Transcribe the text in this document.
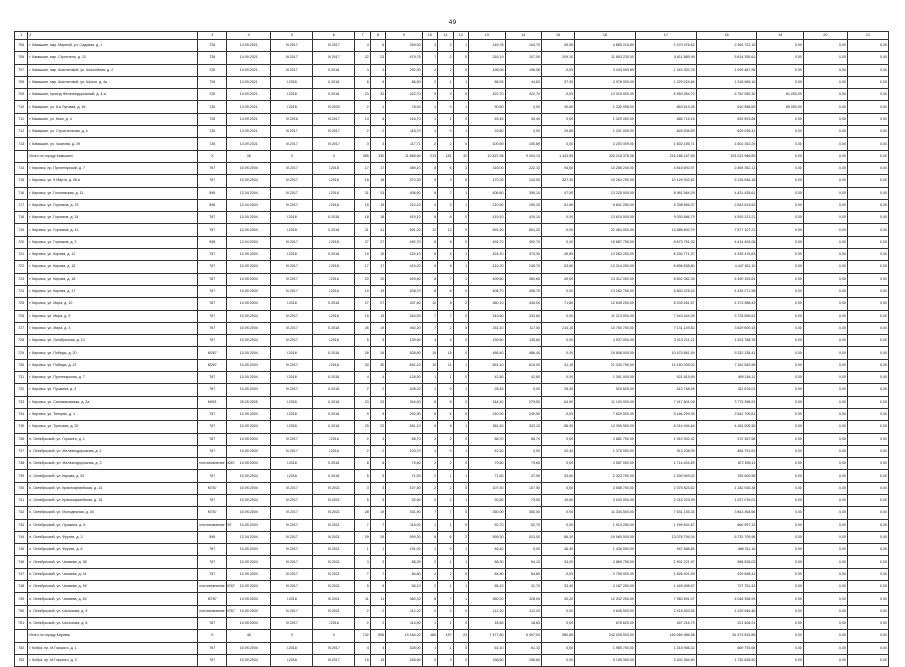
49
1	2	3	4	5	6	7	8	9	10	11	12	13	14	15	16	17	18	19	20	21
705	г. Камышин, мкр. Мирный, ул. Садовая, д. 1	726	14.09.2021	III.2017	IV.2017	4	6	349,50	3	2	1	149,78	104,70	45,08	4 865 218,80	2 470 476,62	2 394 722,15	0,00	0,00	0,00
706	г. Камышин, мкр. Строитель, д. 12	726	14.09.2021	III.2017	IV.2017	22	23	479,76	7	2	5	316,19	107,09	209,10	11 893 230,00	5 611 885,99	5 814 355,61	0,00	0,00	0,00
707	г. Камышин, мкр. Шаститовой, ул. Шоссейная, д. 2	726	14.09.2021	III.2017	II.2018	3	2	292,30	2	2	0	196,08	196,08	0,00	3 443 009,89	1 343 302,78	1 099 487,96	0,00	0,00	0,00
708	г. Камышин, мкр. Шаститовой, ул. Шоссе, д. 4а	726	14.09.2021	I.2018	II.2018	6	6	86,50	2	1	1	86,93	44,63	37,30	2 078 000,00	1 229 024,84	1 318 965,16	0,00	0,00	0,00
709	г. Камышин, проезд Железнодорожный, д. 4-а	726	14.09.2021	I.2018	II.2018	23	32	422,70	9	9	0	422,70	422,70	0,00	13 019 000,00	6 953 554,70	6 762 955,30	81 250,00	0,00	0,00
710	г. Камышин, ул. 8-я Луговая, д. 16	726	14.09.2021	I.2018	IV.2020	2	1	78,40	1	0	1	30,60	0,00	30,60	1 332 908,00	663 613,35	610 988,65	65 000,00	0,00	0,00
711	г. Камышин, ул. Кеки, д. 4	726	14.09.2021	IV.2016	III.2017	13	8	216,70	1	1	0	45,45	45,45	0,00	1 329 000,00	686 715,16	639 593,84	0,00	0,00	0,00
712	г. Камышин, ул. Строительная, д. 4	726	14.09.2021	III.2017	IV.2017	2	2	118,70	1	0	1	29,80	0,00	29,80	1 201 009,00	649 536,59	629 039,41	0,00	0,00	0,00
713	г. Камышин, ул. Чкалова, д. 29	726	14.09.2021	III.2017	IV.2017	3	3	117,71	2	2	0	100,69	100,69	0,00	3 203 309,00	1 602 156,71	1 601 152,29	0,00	0,00	0,00
	Итого по городу Камышин	Х	38	Х	Х	365	330	11 858,60	213	181	32	10 837,58	9 394,13	1 443,55	320 218 378,06	216 188 167,59	103 023 986,65	0,00	0,00	0,00
714	г. Кировск, пр. Пролетарский, д. 7	787	10.09.2004	IV.2017	I.2018	17	17	389,10	8	5	3	316,00	222,10	94,00	10 286 240,00	4 816 692,97	2 469 362,13	0,00	0,00	0,00
715	г. Кировск, ул. 8 Марта, д. 48 а	787	10.09.2004	IV.2017	I.2018	18	18	470,30	9	3	6	470,30	143,00	327,30	15 264 750,00	10 129 303,82	5 135 546,18	0,00	0,00	0,00
716	г. Кировск, ул. Гоголевская, д. 11	598	12.04.2004	IV.2017	I.2018	31	24	406,60	8	7	1	406,60	359,10	47,50	13 225 000,00	8 961 564,39	4 431 435,61	0,00	0,00	0,00
717	г. Кировск, ул. Горняков, д. 23	598	12.04.2004	IV.2017	I.2018	15	15	210,10	4	3	1	210,90	159,20	51,60	6 841 250,00	4 338 665,37	2 843 514,63	0,00	0,00	0,00
718	г. Кировск, ул. Горняков, д. 34	787	10.09.2004	I.2018	II.2018	18	18	419,10	8	8	0	419,10	419,10	0,00	13 624 000,00	9 030 686,79	4 593 313,21	0,00	0,00	0,00
719	г. Кировск, ул. Горняков, д. 41	787	10.09.2004	I.2018	II.2018	31	31	691,20	12	12	0	691,20	691,20	0,00	22 464 000,00	14 886 892,79	7 577 107,21	0,00	0,00	0,00
720	г. Кировск, ул. Горняков, д. 3	598	12.04.2004	IV.2017	I.2018	27	27	492,70	8	8	0	492,70	492,70	0,00	15 887 750,00	8 673 751,92	4 414 404,08	0,00	0,00	0,00
721	г. Кировск, ул. Кирова, д. 12	787	10.09.2004	I.2018	II.2018	19	19	424,10	6	5	1	424,10	374,30	49,80	13 063 250,00	8 334 771,37	4 335 476,63	0,00	0,00	0,00
722	г. Кировск, ул. Кирова, д. 15	787	10.09.2004	IV.2017	I.2018	17	17	415,20	9	8	1	410,20	246,70	53,60	13 314 250,00	8 806 838,80	4 447 811,10	0,00	0,00	0,00
723	г. Кировск, ул. Кирова, д. 18	787	10.09.2004	IV.2017	I.2018	20	20	409,60	6	7	1	409,60	360,60	49,00	13 312 000,00	8 832 082,39	4 490 153,61	0,00	0,00	0,00
724	г. Кировск, ул. Кирова, д. 17	787	10.09.2004	IV.2017	I.2018	19	19	408,70	8	8	0	408,70	408,70	0,00	13 282 750,00	6 803 478,42	4 435 271,58	0,00	0,00	0,00
725	г. Кировск, ул. Мира, д. 10	787	10.09.2004	I.2018	II.2018	27	27	437,60	10	8	2	380,10	345,00	71,80	12 645 250,00	8 239 261,57	4 373 988,43	0,00	0,00	0,00
726	г. Кировск, ул. Мира, д. 5	787	10.09.2004	IV.2017	I.2018	15	15	344,50	7	7	0	343,60	343,60	0,00	11 213 000,00	7 443 444,39	3 728 555,61	0,00	0,00	0,00
727	г. Кировск, ул. Мира, д. 3	787	10.09.2004	IV.2017	II.2018	26	19	492,20	7	2	5	331,10	117,00	214,10	10 760 750,00	7 131 149,82	3 629 600,18	0,00	0,00	0,00
728	г. Кировск, ул. Октябрьская, д. 10	787	10.09.2004	IV.2017	I.2018	5	5	139,60	4	4	0	139,60	139,60	0,00	4 537 000,00	3 013 211,22	1 523 788,78	0,00	0,00	0,00
729	г. Кировск, ул. Победы, д. 20	М287	10.09.2004	I.2018	II.2018	26	26	528,80	15	15	0	486,40	486,40	0,00	15 808 000,00	10 475 861,59	5 332 138,41	0,00	0,00	0,00
730	г. Кировск, ул. Победы, д. 22	М287	10.09.2004	IV.2017	I.2018	30	30	651,10	10	11	1	651,10	610,00	41,10	21 330 750,00	14 150 209,02	7 181 540,98	0,00	0,00	0,00
731	г. Кировск, ул. Пролетарская, д. 7	787	10.09.2004	I.2018	II.2018	4	4	128,50	1	1	0	42,80	42,80	0,00	1 391 000,00	921 815,89	469 184,11	0,00	0,00	0,00
732	г. Кировск, ул. Пушкина, д. 3	787	10.09.2004	IV.2017	II.2018	2	2	428,20	1	0	1	28,45	0,00	28,45	924 625,00	612 748,99	311 876,01	0,00	0,00	0,00
733	г. Кировск, ул. Сальмаковская, д. 2а	М901	25.05.2005	I.2018	II.2018	23	23	344,40	8	6	2	344,40	279,50	64,90	11 193 000,00	7 417 601,09	3 775 398,91	0,00	0,00	0,00
734	г. Кировск, ул. Теперво, д. 1	787	10.09.2004	I.2018	II.2018	9	9	240,90	6	6	0	240,90	240,90	0,00	7 829 000,00	5 186 299,39	2 642 700,61	0,00	0,00	0,00
735	г. Кировск, ул. Тульская, д. 20	787	10.09.2004	I.2018	II.2018	25	22	651,10	9	8	1	381,40	323,10	58,30	12 395 500,00	8 214 494,64	4 181 005,36	0,00	0,00	0,00
736	п. Октябрьский, ул. Горького, д. 1	787	10.09.2004	IV.2017	I.2018	2	3	88,70	2	2	0	88,70	88,70	0,00	2 882 750,00	1 910 392,42	972 357,58	0,00	0,00	0,00
737	п. Октябрьский, ул. Железнодорожная, д. 2	787	10.09.2004	IV.2017	I.2018	2	2	103,70	1	0	1	42,40	0,00	42,40	1 378 000,00	913 208,39	464 791,61	0,00	0,00	0,00
738	п. Октябрьский, ул. Железнодорожная, д. 3	постановление М287	10.09.2004	I.2018	II.2018	8	8	79,60	2	2	0	79,60	79,60	0,00	2 587 000,00	1 714 424,89	872 595,11	0,00	0,00	0,00
739	п. Октябрьский, ул. Кирова, д. 52	787	10.09.2004	I.2018	II.2018	5	5	71,50	2	1	1	71,50	37,90	33,60	2 323 750,00	1 539 949,02	783 800,98	0,00	0,00	0,00
740	п. Октябрьский, ул. Красноармейская, д. 14	М787	10.09.2004	IV.2017	IV.2021	3	3	107,50	2	2	0	107,50	107,50	0,00	3 558 750,00	2 375 823,62	1 182 926,38	0,00	0,00	0,00
741	п. Октябрьский, ул. Красноармейская, д. 15	787	10.09.2004	IV.2017	IV.2021	5	5	92,60	3	2	1	92,60	73,00	19,60	3 043 000,00	2 015 223,99	1 027 076,01	0,00	0,00	0,00
742	п. Октябрьский, ул. Молодежная, д. 34	М787	10.09.2004	IV.2017	IV.2021	28	19	431,90	7	7	0	350,00	350,00	0,00	11 334 500,00	7 531 135,34	3 843 364,66	0,00	0,00	0,00
743	п. Октябрьский, ул. Пушкина, д. 6	постановление 787	10.09.2004	IV.2017	IV.2021	7	7	116,00	1	1	0	52,70	52,70	0,00	1 910 250,00	1 299 632,67	660 597,33	0,00	0,00	0,00
744	п. Октябрьский, ул. Фрунзе, д. 3	598	12.04.2004	IV.2017	IV.2021	29	29	599,30	8	6	2	599,30	513,00	86,30	19 965 000,00	13 078 794,04	6 732 705,96	0,00	0,00	0,00
745	п. Октябрьский, ул. Фрунзе, д. 6	787	10.09.2004	IV.2017	IV.2021	1	1	191,00	1	0	1	46,40	0,00	46,40	1 436 000,00	947 688,84	488 311,16	0,00	0,00	0,00
746	п. Октябрьский, ул. Чапаева, д. 38	787	10.09.2004	IV.2017	IV.2021	3	3	88,30	2	1	1	88,30	54,10	34,20	2 869 750,00	1 901 221,97	968 528,03	0,00	0,00	0,00
747	п. Октябрьский, ул. Чапаева, д. 41	787	10.09.2004	IV.2017	IV.2021	7	7	84,80	2	2	0	84,80	84,80	0,00	2 756 000,00	1 826 401,59	929 598,41	0,00	0,00	0,00
748	п. Октябрьский, ул. Чапаева, д. 59	постановление М787	10.09.2004	IV.2017	IV.2021	5	5	65,10	2	1	1	65,10	31,70	33,40	2 187 250,00	1 449 498,57	737 751,43	0,00	0,00	0,00
749	п. Октябрьский, ул. Чапаева, д. 63	М787	10.09.2004	I.2018	IV.2021	11	11	360,20	8	7	1	360,20	328,00	40,20	12 032 250,00	7 983 891,07	4 048 358,93	0,00	0,00	0,00
750	п. Октябрьский, ул. Шолохова, д. 9	постановление М787	10.09.2004	IV.2017	IV.2021	2	2	112,20	2	2	0	112,20	112,20	0,00	3 646 500,00	2 416 553,54	1 229 946,46	0,00	0,00	0,00
751	п. Октябрьский, ул. Шолохова, д. 8	787	10.09.2004	IV.2017	I.2018	2	2	114,50	1	1	0	18,83	18,83	0,00	678 625,00	457 216,79	221 408,21	0,00	0,00	0,00
	Итого по городу Кировск	Х	46	Х	Х	742	696	19 164,20	180	157	23	7 477,80	6 497,03	980,80	242 028 503,00	160 084 986,58	81 973 515,85	0,00	0,00	0,00
752	г. Кобра, пр. М.Горького, д. 1	787	10.09.2004	I.2018	III.2017	4	4	328,00	1	1	0	61,10	61,10	0,00	1 985 750,00	1 315 956,32	669 793,68	0,00	0,00	0,00
753	г. Кобра, пр. М.Горького, д. 3	787	10.09.2004	I.2018	III.2017	15	15	428,60	3	3	0	158,60	158,60	0,00	5 155 300,00	3 402 364,50	1 732 635,50	0,00	0,00	0,00
